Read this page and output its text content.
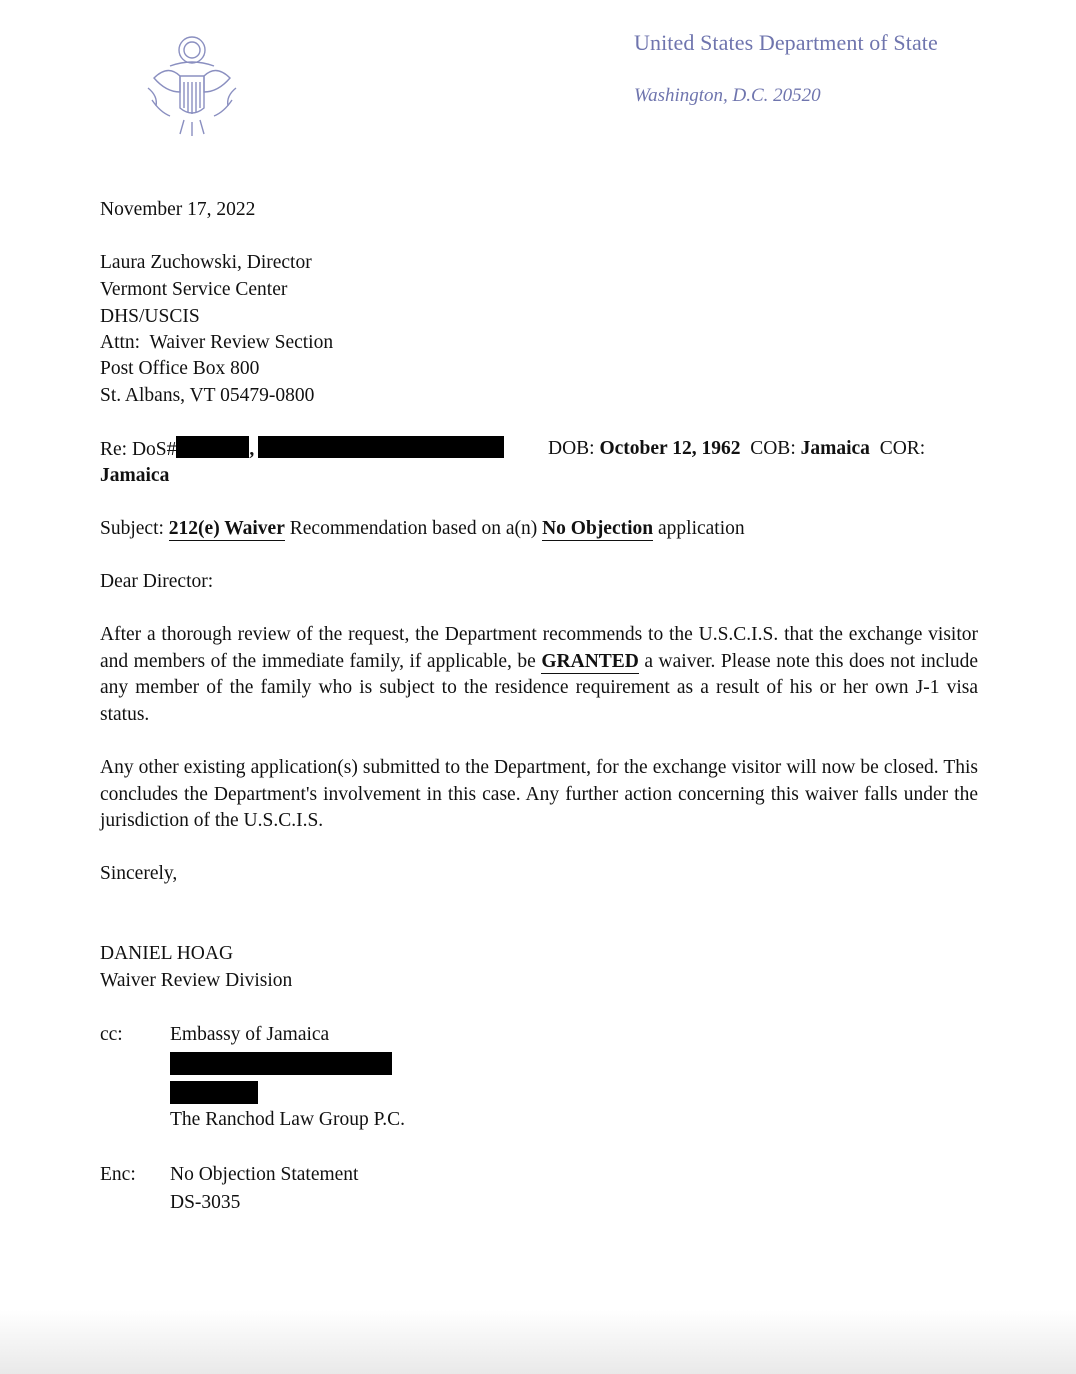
United States Department of State
Washington, D.C. 20520
November 17, 2022
Laura Zuchowski, Director
Vermont Service Center
DHS/USCIS
Attn:  Waiver Review Section
Post Office Box 800
St. Albans, VT 05479-0800
Re: DoS#	,	DOB: October 12, 1962 COB: Jamaica COR:
Jamaica
Subject: 212(e) Waiver Recommendation based on a(n) No Objection application
Dear Director:
After a thorough review of the request, the Department recommends to the U.S.C.I.S. that the exchange visitor and members of the immediate family, if applicable, be GRANTED a waiver. Please note this does not include any member of the family who is subject to the residence requirement as a result of his or her own J-1 visa status.
Any other existing application(s) submitted to the Department, for the exchange visitor will now be closed. This concludes the Department's involvement in this case. Any further action concerning this waiver falls under the jurisdiction of the U.S.C.I.S.
Sincerely,
DANIEL HOAG
Waiver Review Division
cc: Embassy of Jamaica
The Ranchod Law Group P.C.
Enc: No Objection Statement
DS-3035
